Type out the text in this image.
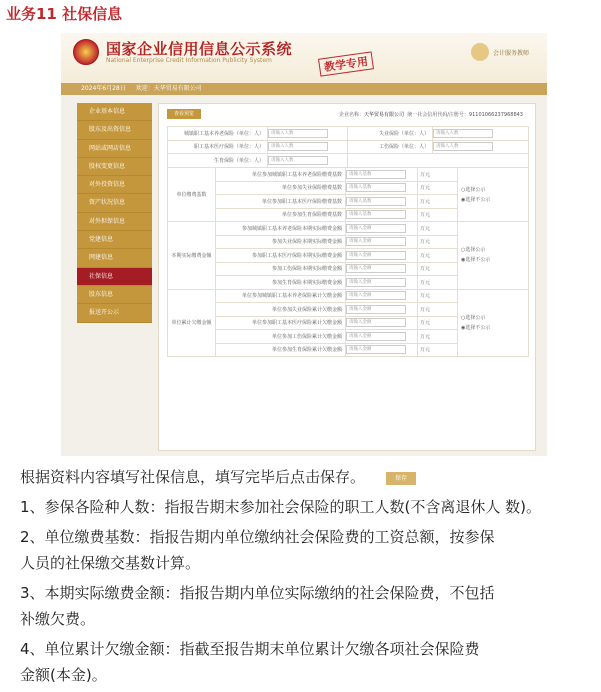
业务11 社保信息
国家企业信用信息公示系统
National Enterprise Credit Information Publicity System	教学专用
会计服务教师
2024年6月28日 欢迎：天华贸易有限公司
企业基本信息
股东及出资信息
网站或网店信息
股权变更信息
对外投资信息
资产状况信息
对外担保信息
党建信息
网建信息
社保信息
股东信息
报送开公示
查看预览	企业名称：天华贸易有限公司 统一社会信用代码/注册号：91101066237968843
城镇职工基本养老保险（单位：人）	请输入人数	失业保险（单位：人）	请输入人数
职工基本医疗保险（单位：人）	请输入人数	工伤保险（单位：人）	请输入人数
生育保险（单位：人）	请输入人数		
单位缴费基数	单位参加城镇职工基本养老保险缴费基数	请输入基数	万元	○选择公示
◉选择不公示

	单位参加失业保险缴费基数	请输入基数	万元	
	单位参加职工基本医疗保险缴费基数	请输入基数	万元	
	单位参加生育保险缴费基数	请输入基数	万元	
本期实际缴费金额	参加城镇职工基本养老保险本期实际缴费金额	请输入金额	万元	○选择公示
◉选择不公示

	参加失业保险本期实际缴费金额	请输入金额	万元	
	参加职工基本医疗保险本期实际缴费金额	请输入金额	万元	
	参加工伤保险本期实际缴费金额	请输入金额	万元	
	参加生育保险本期实际缴费金额	请输入金额	万元	
单位累计欠缴金额	单位参加城镇职工基本养老保险累计欠缴金额	请输入金额	万元	○选择公示
◉选择不公示

	单位参加失业保险累计欠缴金额	请输入金额	万元	
	单位参加职工基本医疗保险累计欠缴金额	请输入金额	万元	
	单位参加工伤保险累计欠缴金额	请输入金额	万元	
	单位参加生育保险累计欠缴金额	请输入金额	万元	
保存
根据资料内容填写社保信息，填写完毕后点击保存。
1、参保各险种人数：指报告期末参加社会保险的职工人数(不含离退休人 数)。
2、单位缴费基数：指报告期内单位缴纳社会保险费的工资总额，按参保
人员的社保缴交基数计算。
3、本期实际缴费金额：指报告期内单位实际缴纳的社会保险费，不包括
补缴欠费。
4、单位累计欠缴金额：指截至报告期末单位累计欠缴各项社会保险费
金额(本金)。
